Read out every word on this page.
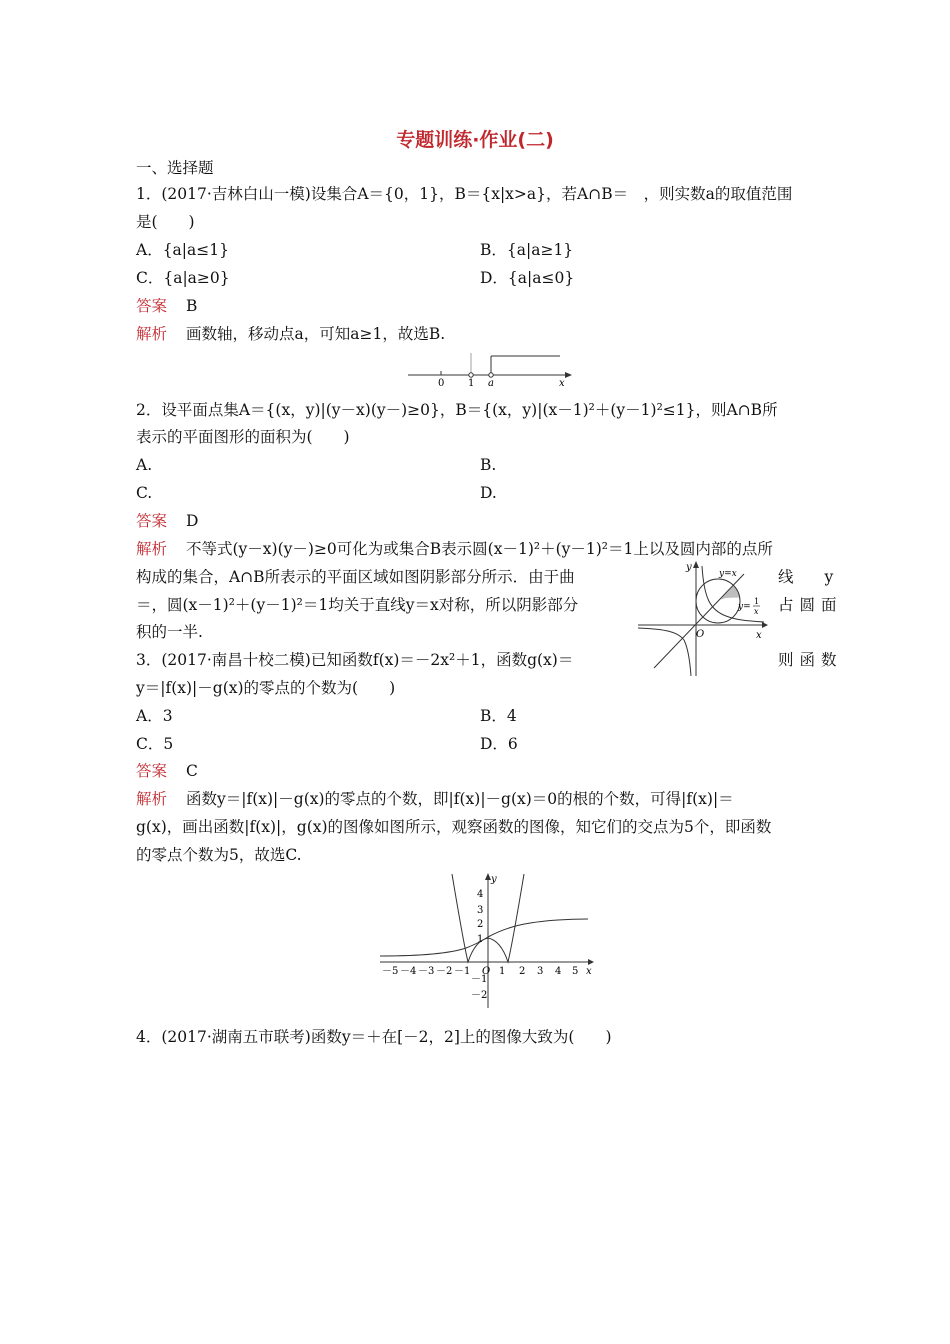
专题训练·作业(二)
一、选择题
1．(2017·吉林白山一模)设集合A＝{0，1}，B＝{x|x>a}，若A∩B＝　，则实数a的取值范围
是(　　)
A．{a|a≤1}	B．{a|a≥1}
C．{a|a≥0}	D．{a|a≤0}
答案 B
解析 画数轴，移动点a，可知a≥1，故选B.
0 1 a	x
2．设平面点集A＝{(x，y)|(y－x)(y－)≥0}，B＝{(x，y)|(x－1)²＋(y－1)²≤1}，则A∩B所
表示的平面图形的面积为(　　)
A.	B.
C.	D.
答案 D
解析 不等式(y－x)(y－)≥0可化为或集合B表示圆(x－1)²＋(y－1)²＝1上以及圆内部的点所
构成的集合，A∩B所表示的平面区域如图阴影部分所示．由于曲	线　　y
＝，圆(x－1)²＋(y－1)²＝1均关于直线y＝x对称，所以阴影部分	占圆面
积的一半.
y
y=x
y=
1
x
O	x
3．(2017·南昌十校二模)已知函数f(x)＝－2x²＋1，函数g(x)＝	则函数
y＝|f(x)|－g(x)的零点的个数为(　　)
A．3	B．4
C．5	D．6
答案 C
解析 函数y＝|f(x)|－g(x)的零点的个数，即|f(x)|－g(x)＝0的根的个数，可得|f(x)|＝
g(x)，画出函数|f(x)|，g(x)的图像如图所示，观察函数的图像，知它们的交点为5个，即函数
的零点个数为5，故选C.
－5 －4 －3 －2 －1 O 1 2 3 4 5 x
4
3
2
1
－1
－2
y
4．(2017·湖南五市联考)函数y＝＋在[－2，2]上的图像大致为(　　)
